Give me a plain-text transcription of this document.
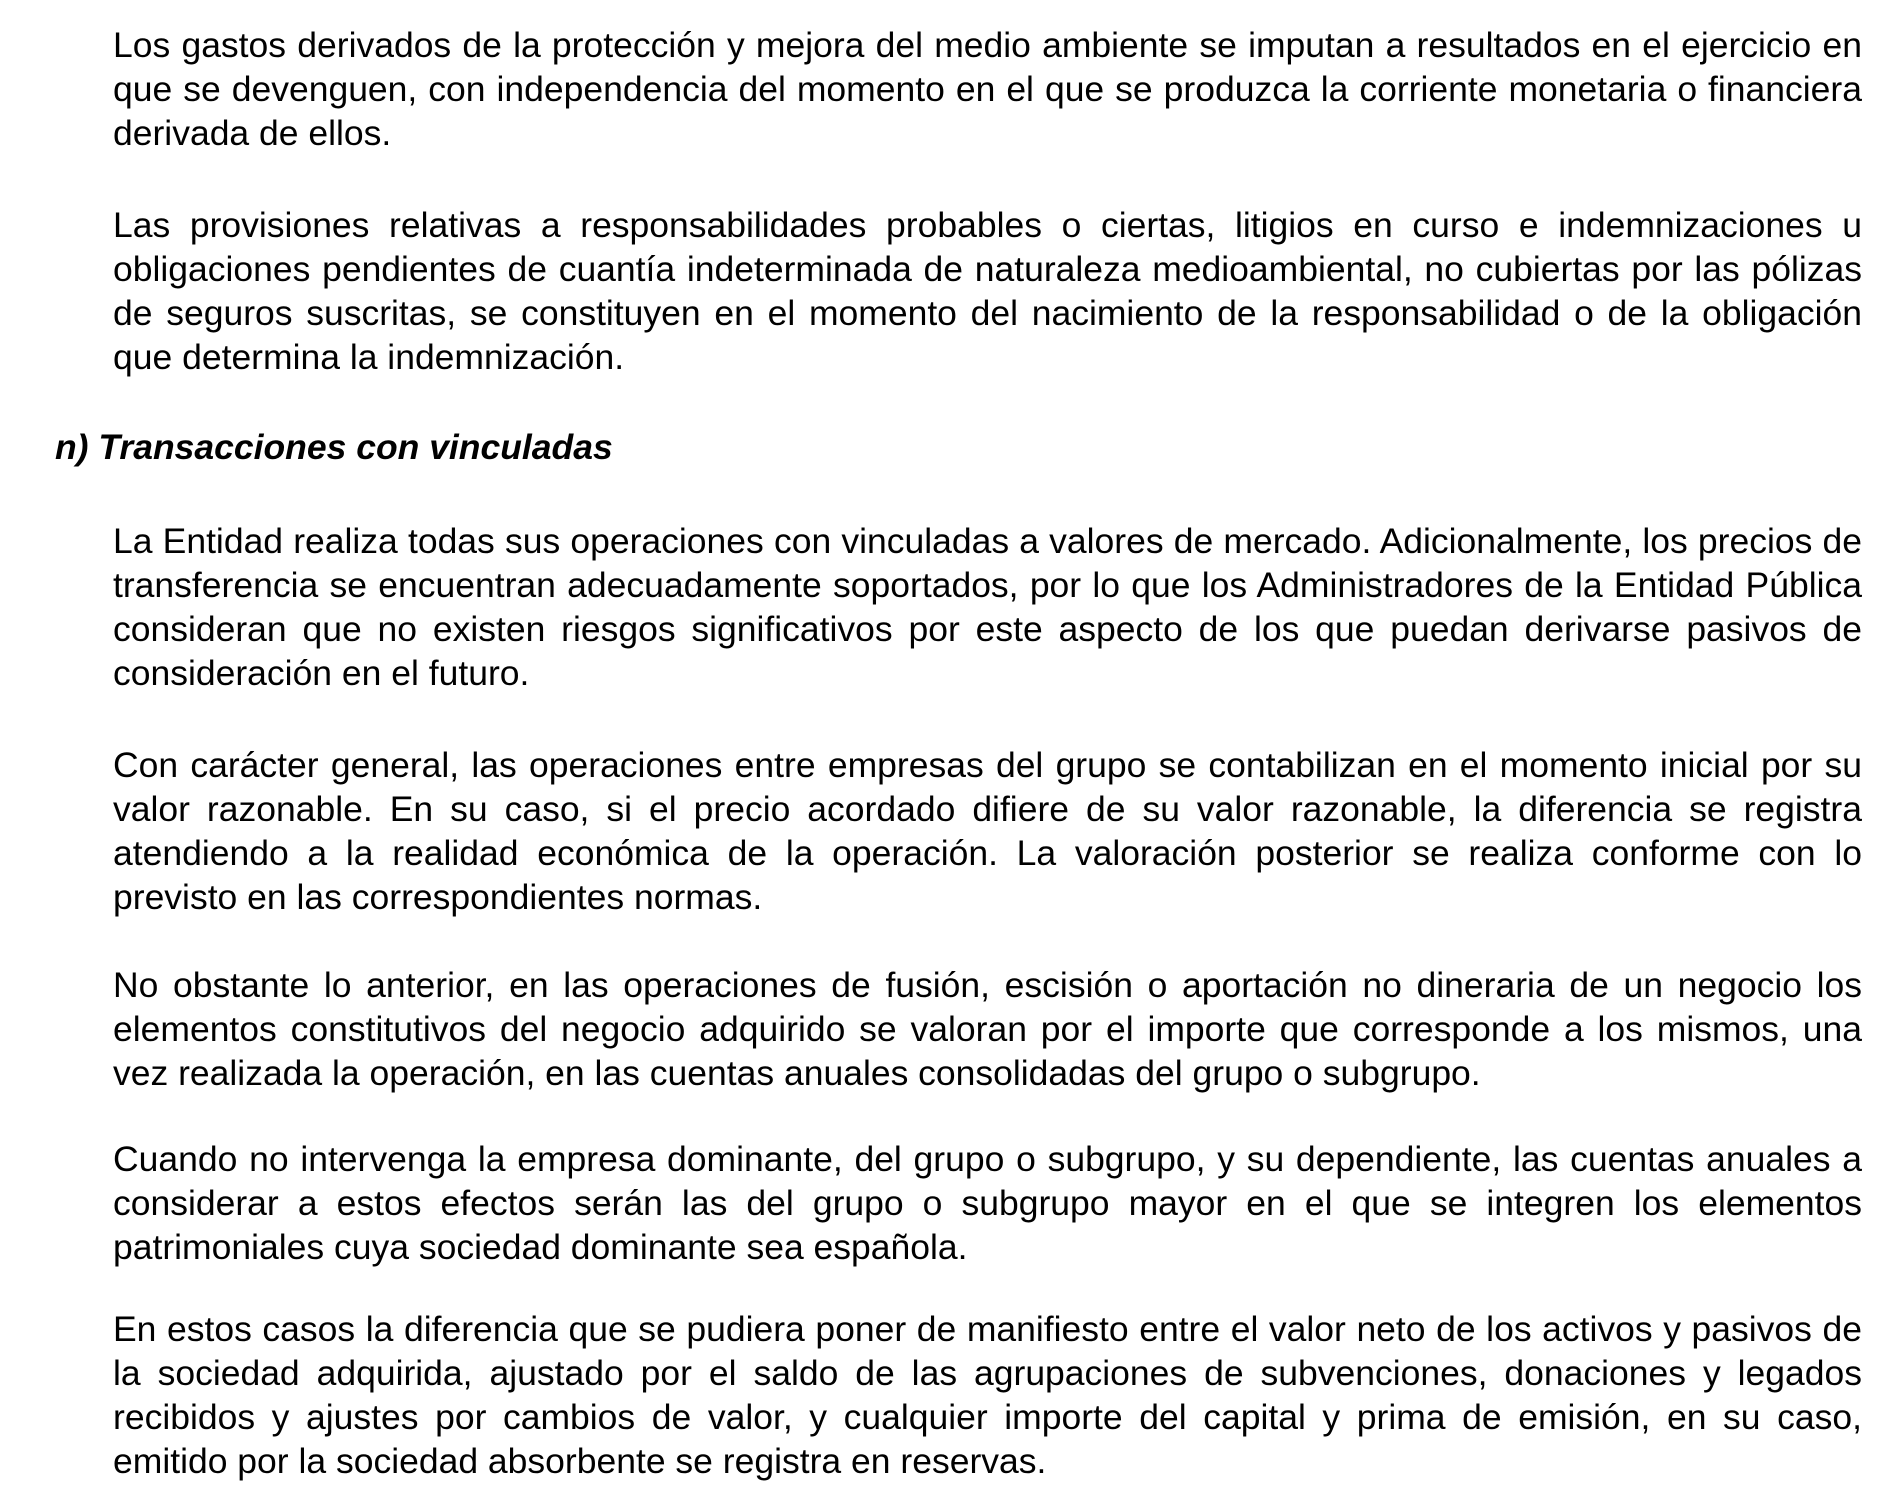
Los gastos derivados de la protección y mejora del medio ambiente se imputan a resultados en el ejercicio en que se devenguen, con independencia del momento en el que se produzca la corriente monetaria o financiera derivada de ellos.

Las provisiones relativas a responsabilidades probables o ciertas, litigios en curso e indemnizaciones u obligaciones pendientes de cuantía indeterminada de naturaleza medioambiental, no cubiertas por las pólizas de seguros suscritas, se constituyen en el momento del nacimiento de la responsabilidad o de la obligación que determina la indemnización.

n) Transacciones con vinculadas

La Entidad realiza todas sus operaciones con vinculadas a valores de mercado. Adicionalmente, los precios de transferencia se encuentran adecuadamente soportados, por lo que los Administradores de la Entidad Pública consideran que no existen riesgos significativos por este aspecto de los que puedan derivarse pasivos de consideración en el futuro.

Con carácter general, las operaciones entre empresas del grupo se contabilizan en el momento inicial por su valor razonable. En su caso, si el precio acordado difiere de su valor razonable, la diferencia se registra atendiendo a la realidad económica de la operación. La valoración posterior se realiza conforme con lo previsto en las correspondientes normas.

No obstante lo anterior, en las operaciones de fusión, escisión o aportación no dineraria de un negocio los elementos constitutivos del negocio adquirido se valoran por el importe que corresponde a los mismos, una vez realizada la operación, en las cuentas anuales consolidadas del grupo o subgrupo.

Cuando no intervenga la empresa dominante, del grupo o subgrupo, y su dependiente, las cuentas anuales a considerar a estos efectos serán las del grupo o subgrupo mayor en el que se integren los elementos patrimoniales cuya sociedad dominante sea española.

En estos casos la diferencia que se pudiera poner de manifiesto entre el valor neto de los activos y pasivos de la sociedad adquirida, ajustado por el saldo de las agrupaciones de subvenciones, donaciones y legados recibidos y ajustes por cambios de valor, y cualquier importe del capital y prima de emisión, en su caso, emitido por la sociedad absorbente se registra en reservas.
